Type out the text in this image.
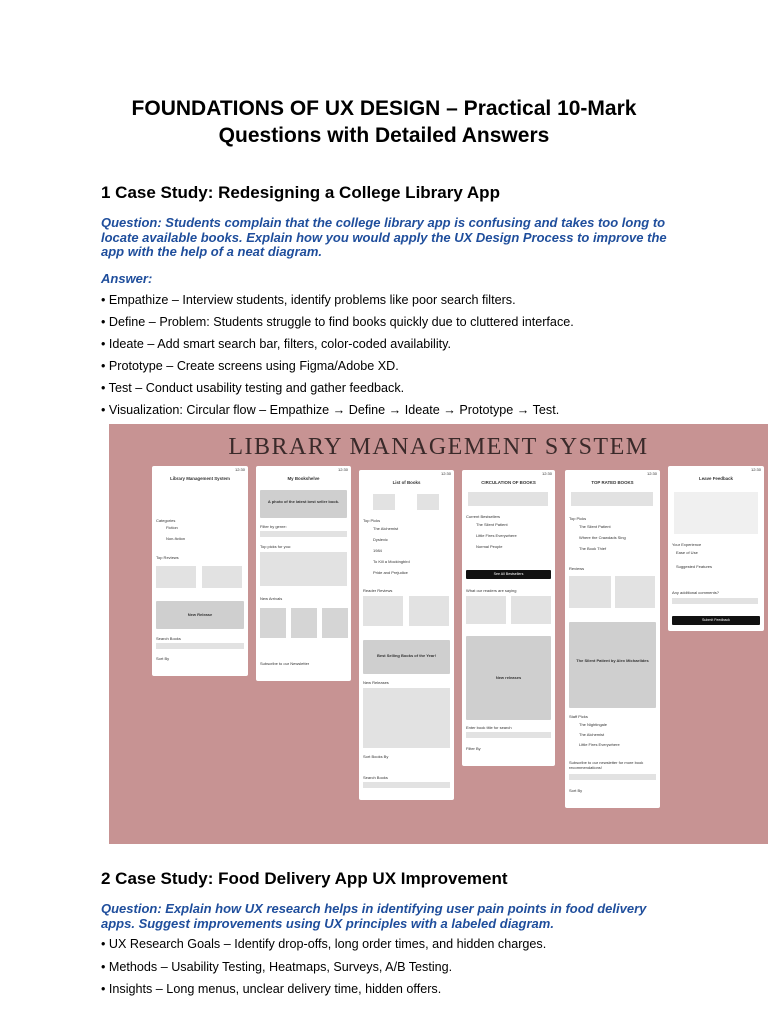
FOUNDATIONS OF UX DESIGN – Practical 10-Mark
Questions with Detailed Answers
1 Case Study: Redesigning a College Library App
Question: Students complain that the college library app is confusing and takes too long to
locate available books. Explain how you would apply the UX Design Process to improve the
app with the help of a neat diagram.
Answer:
• Empathize – Interview students, identify problems like poor search filters.
• Define – Problem: Students struggle to find books quickly due to cluttered interface.
• Ideate – Add smart search bar, filters, color-coded availability.
• Prototype – Create screens using Figma/Adobe XD.
• Test – Conduct usability testing and gather feedback.
• Visualization: Circular flow – Empathize → Define → Ideate → Prototype → Test.
LIBRARY MANAGEMENT SYSTEM
12:30
Library Management System
Categories
Fiction
Non-fiction
Top Reviews
New Release
Search Books
Sort By
12:30
My Bookshelve
A photo of the latest best seller book.
Filter by genre:
Top picks for you:
New Arrivals
Subscribe to our Newsletter
12:30
List of Books
Top Picks
The Alchemist
Dyslexic
1984
To Kill a Mockingbird
Pride and Prejudice
Reader Reviews
Best Selling Books of the Year!
New Releases
Sort Books By
Search Books
12:30
CIRCULATION OF BOOKS
Current Bestsellers
The Silent Patient
Little Fires Everywhere
Normal People
See All Bestsellers
What our readers are saying
New releases
Enter book title for search
Filter By
12:30
TOP RATED BOOKS
Top Picks
The Silent Patient
Where the Crawdads Sing
The Book Thief
Reviews
The Silent Patient by Alex Michaelides
Staff Picks
The Nightingale
The Alchemist
Little Fires Everywhere
Subscribe to our newsletter for more book recommendations!
Sort By
12:30
Leave Feedback
Your Experience
Ease of Use
Suggested Features
Any additional comments?
Submit Feedback
2 Case Study: Food Delivery App UX Improvement
Question: Explain how UX research helps in identifying user pain points in food delivery
apps. Suggest improvements using UX principles with a labeled diagram.
• UX Research Goals – Identify drop-offs, long order times, and hidden charges.
• Methods – Usability Testing, Heatmaps, Surveys, A/B Testing.
• Insights – Long menus, unclear delivery time, hidden offers.
